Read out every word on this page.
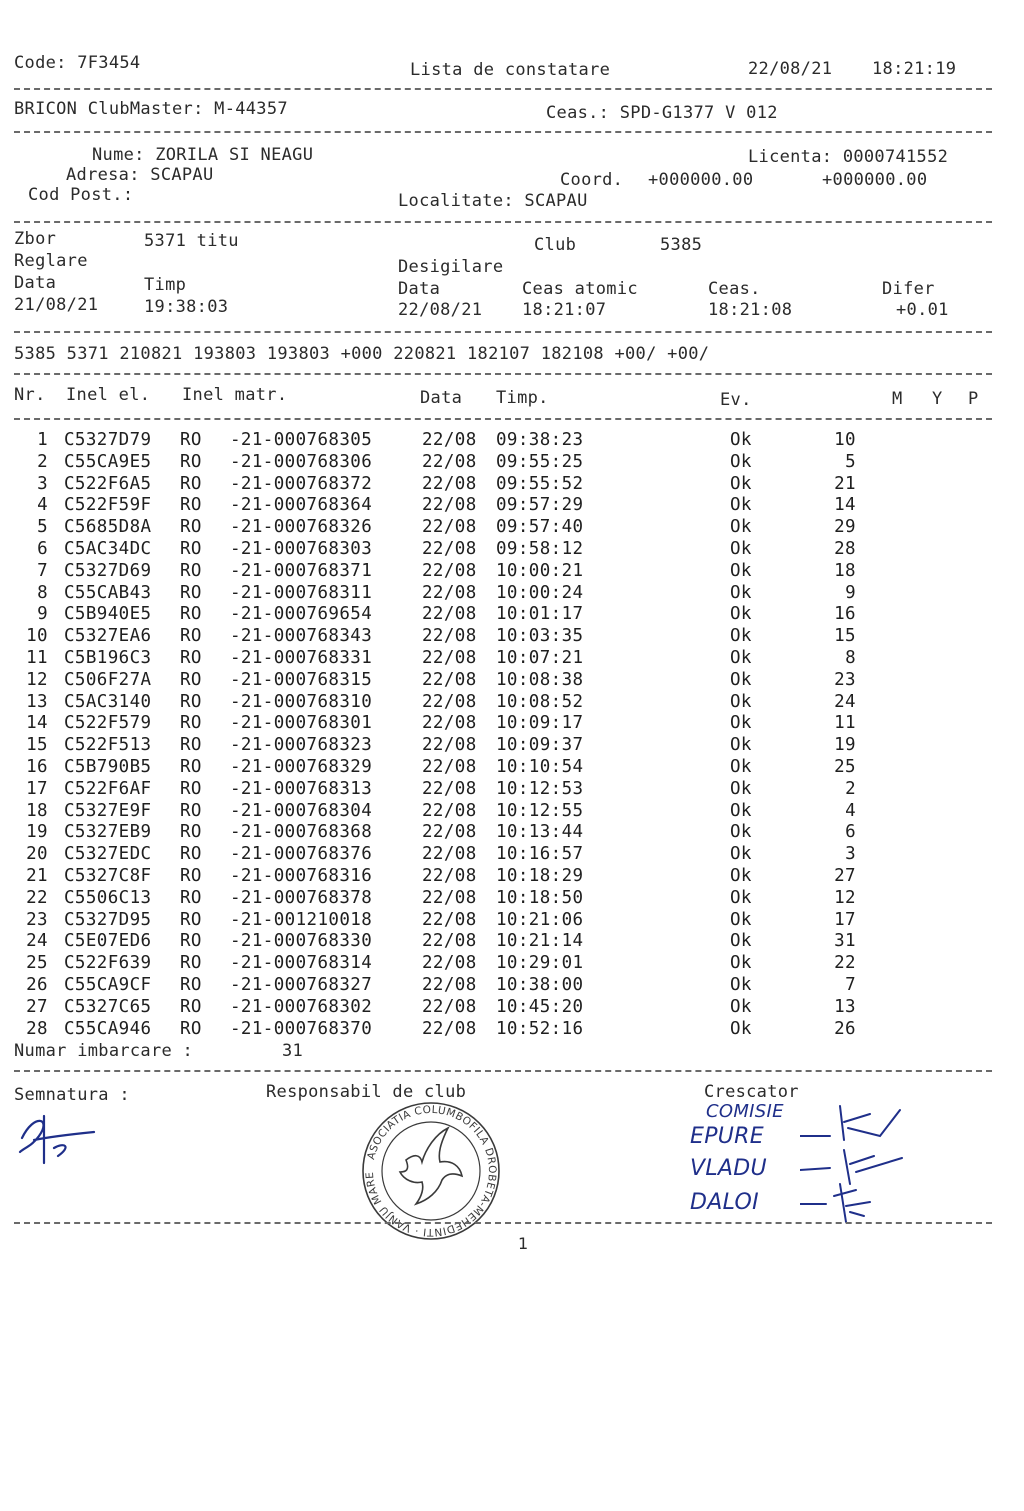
Code: 7F3454	Lista de constatare	22/08/21 18:21:19
BRICON ClubMaster: M-44357	Ceas.: SPD-G1377 V 012
Nume: ZORILA SI NEAGU
Adresa: SCAPAU
Cod Post.:
Licenta: 0000741552
Coord. +000000.00	+000000.00
Localitate: SCAPAU
Zbor	5371 titu	Club	5385
Reglare	Desigilare
Data	Timp	Data	Ceas atomic	Ceas.	Difer
21/08/21	19:38:03	22/08/21 18:21:07	18:21:08	+0.01
5385 5371 210821 193803 193803 +000 220821 182107 182108 +00/ +00/
Nr. Inel el. Inel matr.	Data Timp.	Ev.	M Y P
1 C5327D79 RO -21-000768305	22/08 09:38:23	Ok	10
2 C55CA9E5 RO -21-000768306	22/08 09:55:25	Ok	5
3 C522F6A5 RO -21-000768372	22/08 09:55:52	Ok	21
4 C522F59F RO -21-000768364	22/08 09:57:29	Ok	14
5 C5685D8A RO -21-000768326	22/08 09:57:40	Ok	29
6 C5AC34DC RO -21-000768303	22/08 09:58:12	Ok	28
7 C5327D69 RO -21-000768371	22/08 10:00:21	Ok	18
8 C55CAB43 RO -21-000768311	22/08 10:00:24	Ok	9
9 C5B940E5 RO -21-000769654	22/08 10:01:17	Ok	16
10 C5327EA6 RO -21-000768343	22/08 10:03:35	Ok	15
11 C5B196C3 RO -21-000768331	22/08 10:07:21	Ok	8
12 C506F27A RO -21-000768315	22/08 10:08:38	Ok	23
13 C5AC3140 RO -21-000768310	22/08 10:08:52	Ok	24
14 C522F579 RO -21-000768301	22/08 10:09:17	Ok	11
15 C522F513 RO -21-000768323	22/08 10:09:37	Ok	19
16 C5B790B5 RO -21-000768329	22/08 10:10:54	Ok	25
17 C522F6AF RO -21-000768313	22/08 10:12:53	Ok	2
18 C5327E9F RO -21-000768304	22/08 10:12:55	Ok	4
19 C5327EB9 RO -21-000768368	22/08 10:13:44	Ok	6
20 C5327EDC RO -21-000768376	22/08 10:16:57	Ok	3
21 C5327C8F RO -21-000768316	22/08 10:18:29	Ok	27
22 C5506C13 RO -21-000768378	22/08 10:18:50	Ok	12
23 C5327D95 RO -21-001210018	22/08 10:21:06	Ok	17
24 C5E07ED6 RO -21-000768330	22/08 10:21:14	Ok	31
25 C522F639 RO -21-000768314	22/08 10:29:01	Ok	22
26 C55CA9CF RO -21-000768327	22/08 10:38:00	Ok	7
27 C5327C65 RO -21-000768302	22/08 10:45:20	Ok	13
28 C55CA946 RO -21-000768370	22/08 10:52:16	Ok	26
Numar imbarcare :	31
Semnatura :	Responsabil de club	Crescator
ASOCIATIA COLUMBOFILA DROBETA-MEHEDINTI · VANJU MARE
COMISIE
EPURE
VLADU
DALOI
1
